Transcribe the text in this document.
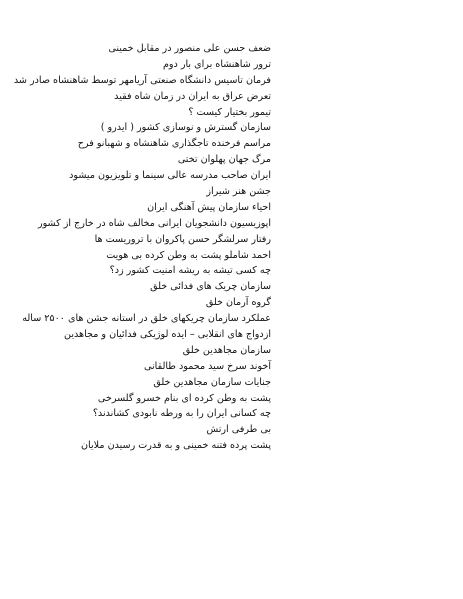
ضعف حسن علی منصور در مقابل خمینی
ترور شاهنشاه برای بار دوم
فرمان تاسیس دانشگاه صنعتی آریامهر توسط شاهنشاه صادر شد
تعرض عراق به ایران در زمان شاه فقید
تیمور بختیار کیست ؟
سازمان گسترش و نوسازی کشور ( ایدرو )
مراسم فرخنده تاجگذاری شاهنشاه و شهبانو فرح
مرگ جهان پهلوان تختی
ایران صاحب مدرسه عالی سینما و تلویزیون میشود
جشن هنر شیراز
احیاء سازمان پیش آهنگی ایران
اپوزیسیون دانشجویان ایرانی مخالف شاه در خارج از کشور
رفتار سرلشگر حسن پاکروان با تروریست ها
احمد شاملو پشت به وطن کرده بی هویت
چه کسی تیشه به ریشه امنیت کشور زد؟
سازمان چریک های فدائی خلق
گروه آرمان خلق
عملکرد سازمان چریکهای خلق در استانه جشن های ۲۵۰۰ ساله
ازدواج های انقلابی – ایده لوژیکی فدائیان و مجاهدین
سازمان مجاهدین خلق
آخوند سرخ سید محمود طالقانی
جنایات سازمان مجاهدین خلق
پشت به وطن کرده ای بنام خسرو گلسرخی
چه کسانی ایران را به ورطه نابودی کشاندند؟
بی طرفی ارتش
پشت پرده فتنه خمینی و به قدرت رسیدن ملایان
